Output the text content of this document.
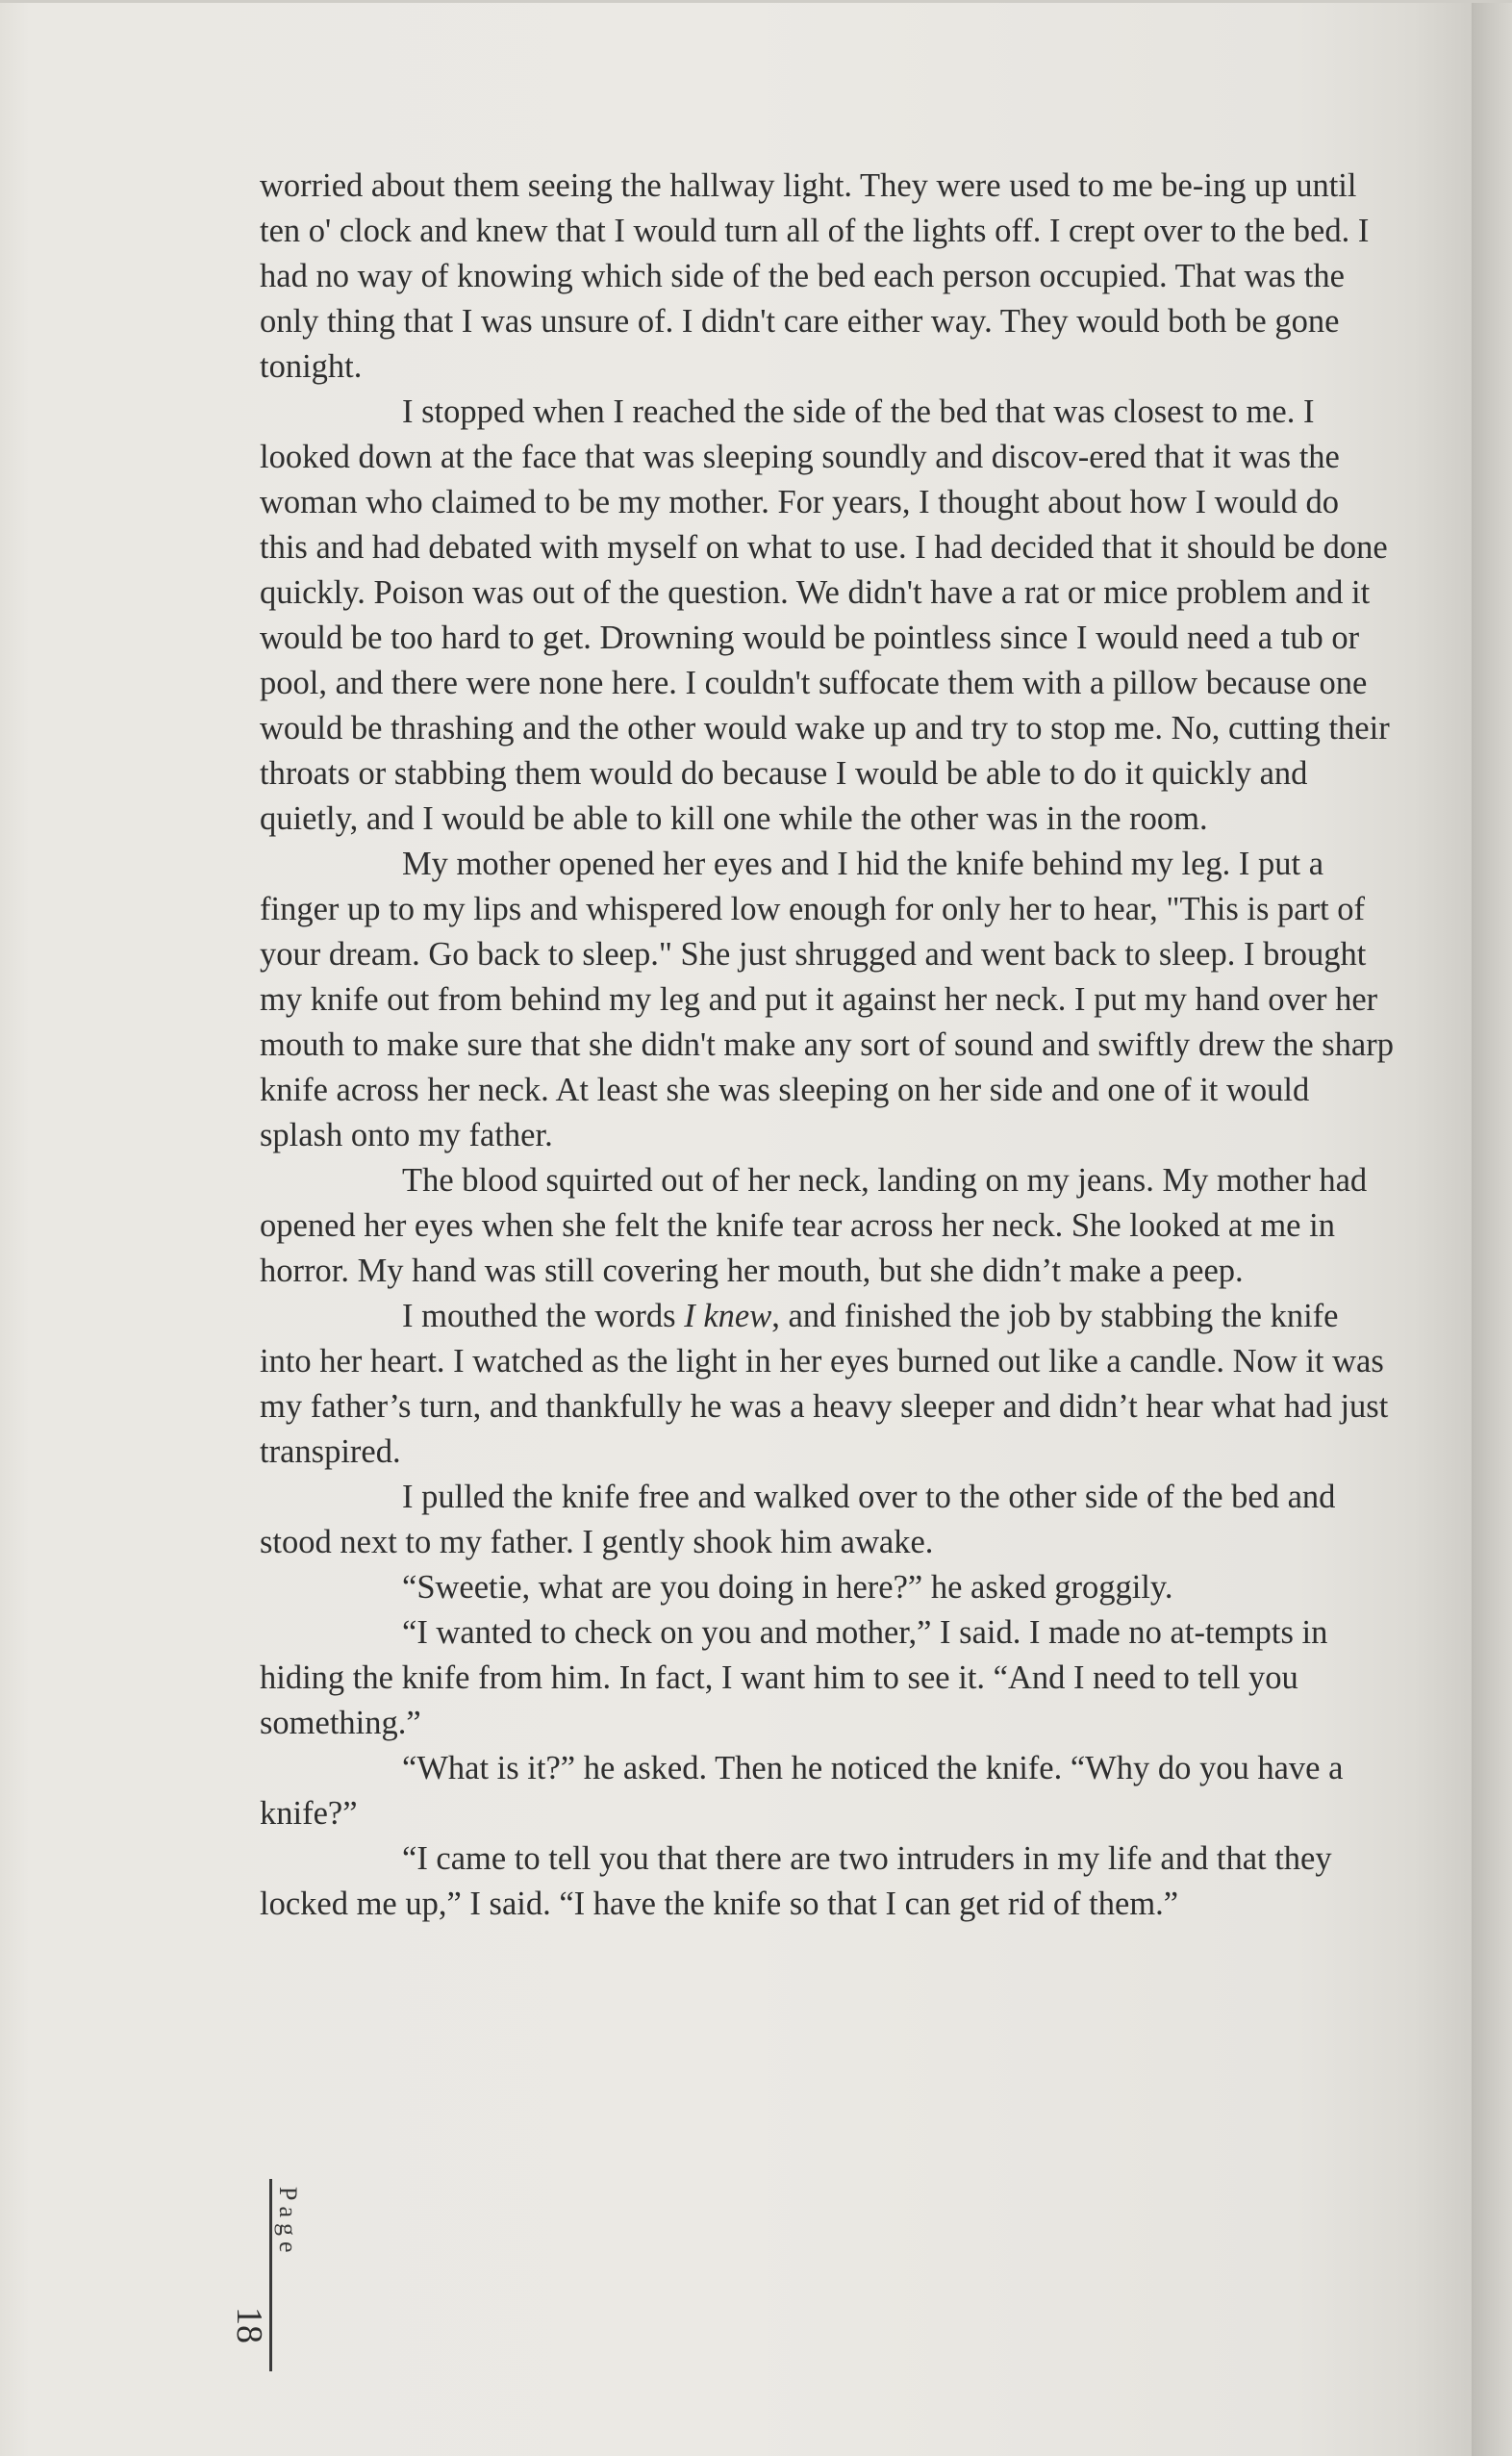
worried about them seeing the hallway light. They were used to me be-ing up until ten o' clock and knew that I would turn all of the lights off. I crept over to the bed. I had no way of knowing which side of the bed each person occupied. That was the only thing that I was unsure of. I didn't care either way. They would both be gone tonight.

I stopped when I reached the side of the bed that was closest to me. I looked down at the face that was sleeping soundly and discov-ered that it was the woman who claimed to be my mother. For years, I thought about how I would do this and had debated with myself on what to use. I had decided that it should be done quickly. Poison was out of the question. We didn't have a rat or mice problem and it would be too hard to get. Drowning would be pointless since I would need a tub or pool, and there were none here. I couldn't suffocate them with a pillow because one would be thrashing and the other would wake up and try to stop me. No, cutting their throats or stabbing them would do because I would be able to do it quickly and quietly, and I would be able to kill one while the other was in the room.

My mother opened her eyes and I hid the knife behind my leg. I put a finger up to my lips and whispered low enough for only her to hear, "This is part of your dream. Go back to sleep." She just shrugged and went back to sleep. I brought my knife out from behind my leg and put it against her neck. I put my hand over her mouth to make sure that she didn't make any sort of sound and swiftly drew the sharp knife across her neck. At least she was sleeping on her side and one of it would splash onto my father.

The blood squirted out of her neck, landing on my jeans. My mother had opened her eyes when she felt the knife tear across her neck. She looked at me in horror. My hand was still covering her mouth, but she didn’t make a peep.

I mouthed the words I knew, and finished the job by stabbing the knife into her heart. I watched as the light in her eyes burned out like a candle. Now it was my father’s turn, and thankfully he was a heavy sleeper and didn’t hear what had just transpired.

I pulled the knife free and walked over to the other side of the bed and stood next to my father. I gently shook him awake.

“Sweetie, what are you doing in here?” he asked groggily.

“I wanted to check on you and mother,” I said. I made no at-tempts in hiding the knife from him. In fact, I want him to see it. “And I need to tell you something.”

“What is it?” he asked. Then he noticed the knife. “Why do you have a knife?”

“I came to tell you that there are two intruders in my life and that they locked me up,” I said. “I have the knife so that I can get rid of them.”

Page
18
